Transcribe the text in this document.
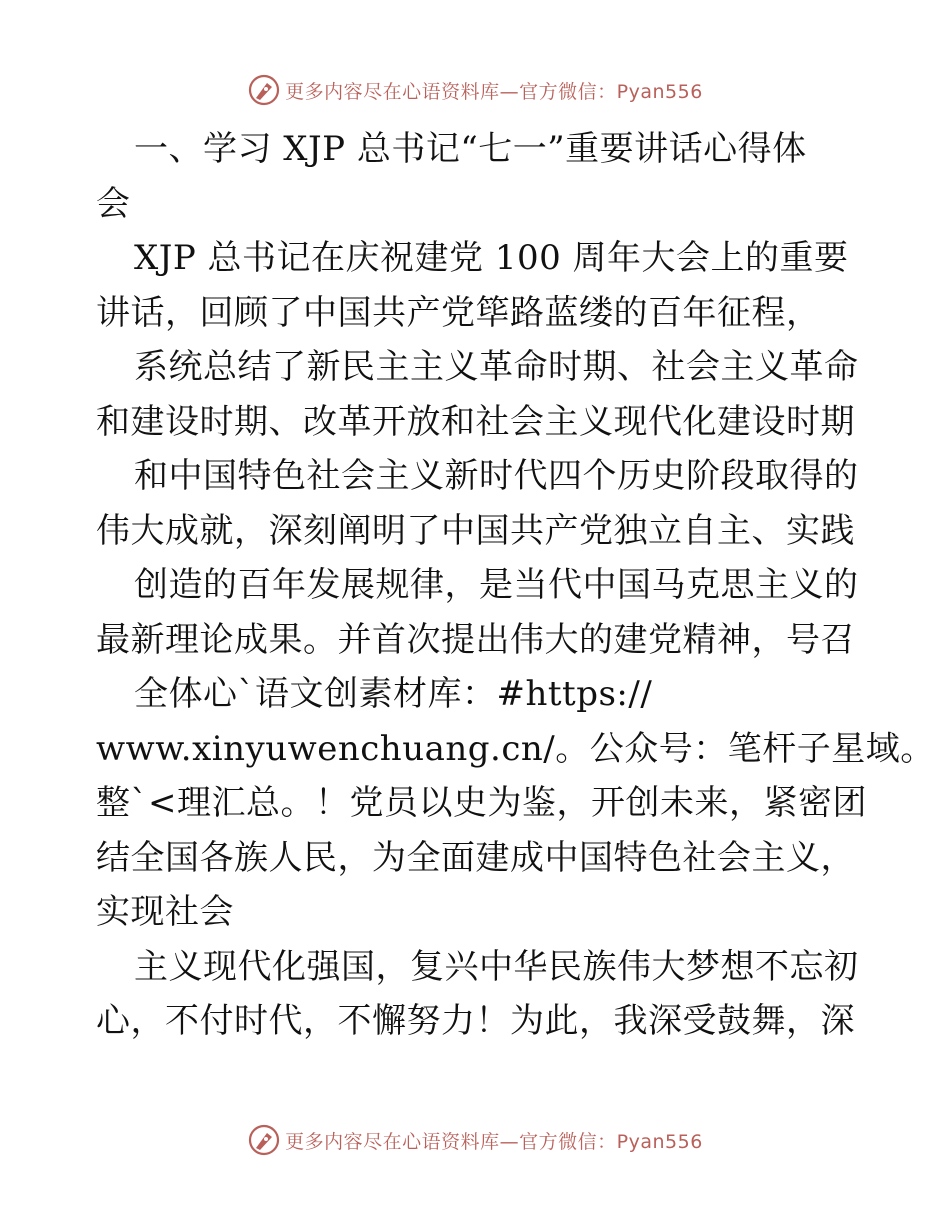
更多内容尽在心语资料库—官方微信：Pyan556
一、学习 XJP 总书记“七一”重要讲话心得体
会
XJP 总书记在庆祝建党 100 周年大会上的重要
讲话，回顾了中国共产党筚路蓝缕的百年征程，
系统总结了新民主主义革命时期、社会主义革命
和建设时期、改革开放和社会主义现代化建设时期
和中国特色社会主义新时代四个历史阶段取得的
伟大成就，深刻阐明了中国共产党独立自主、实践
创造的百年发展规律，是当代中国马克思主义的
最新理论成果。并首次提出伟大的建党精神，号召
全体心`语文创素材库：#https://
www.xinyuwenchuang.cn/。公众号：笔杆子星域。
整`<理汇总。！党员以史为鉴，开创未来，紧密团
结全国各族人民，为全面建成中国特色社会主义，
实现社会
主义现代化强国，复兴中华民族伟大梦想不忘初
心，不付时代，不懈努力！为此，我深受鼓舞，深
更多内容尽在心语资料库—官方微信：Pyan556
